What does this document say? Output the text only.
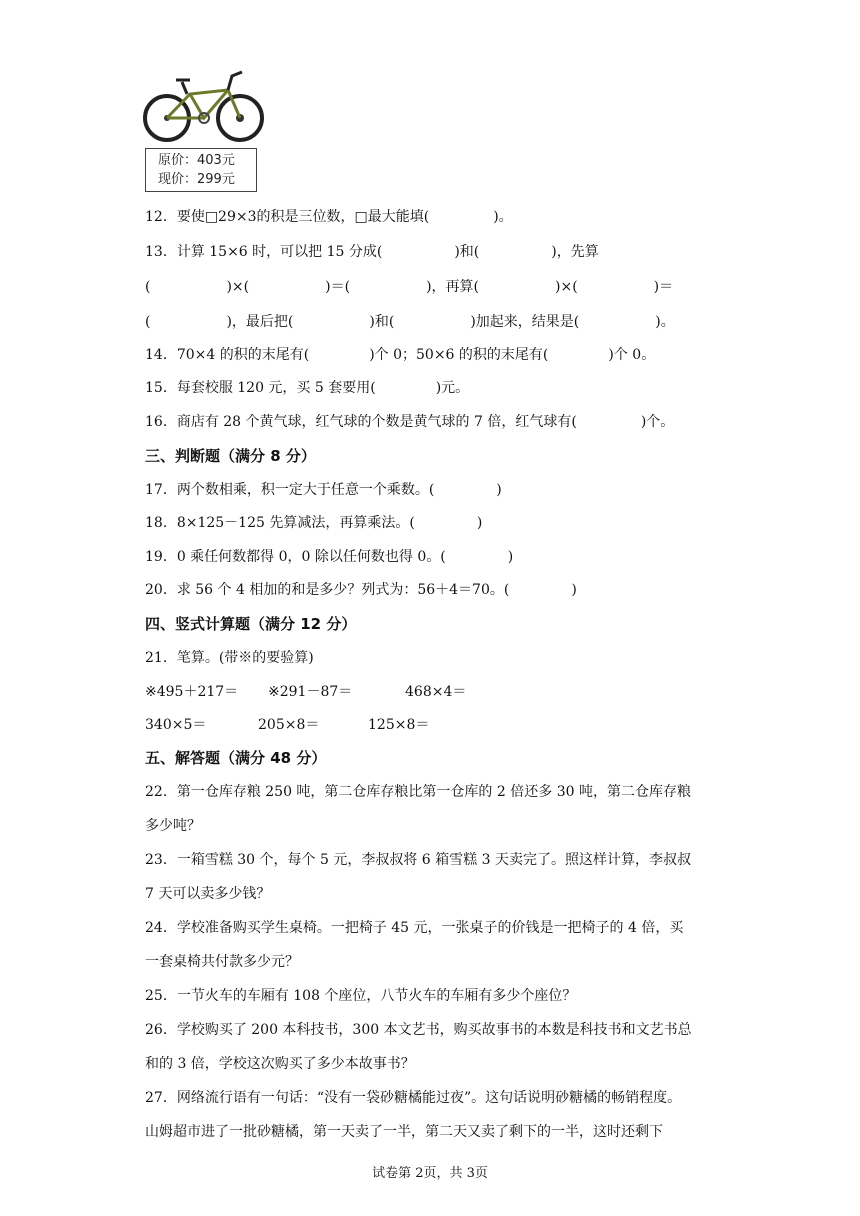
原价：403元
现价：299元
12．要使□29×3的积是三位数，□最大能填(	)。
13．计算 15×6 时，可以把 15 分成(	)和(	)，先算
(	)×(	)＝(	)，再算(	)×(	)＝
(	)，最后把(	)和(	)加起来，结果是(	)。
14．70×4 的积的末尾有(	)个 0；50×6 的积的末尾有(	)个 0。
15．每套校服 120 元，买 5 套要用(	)元。
16．商店有 28 个黄气球，红气球的个数是黄气球的 7 倍，红气球有(	)个。
三、判断题（满分 8 分）
17．两个数相乘，积一定大于任意一个乘数。(	)
18．8×125－125 先算减法，再算乘法。(	)
19．0 乘任何数都得 0，0 除以任何数也得 0。(	)
20．求 56 个 4 相加的和是多少？列式为：56＋4＝70。(	)
四、竖式计算题（满分 12 分）
21．笔算。(带※的要验算)
※495＋217＝ ※291－87＝	468×4＝
340×5＝	205×8＝	125×8＝
五、解答题（满分 48 分）
22．第一仓库存粮 250 吨，第二仓库存粮比第一仓库的 2 倍还多 30 吨，第二仓库存粮
多少吨？
23．一箱雪糕 30 个，每个 5 元，李叔叔将 6 箱雪糕 3 天卖完了。照这样计算，李叔叔
7 天可以卖多少钱？
24．学校准备购买学生桌椅。一把椅子 45 元，一张桌子的价钱是一把椅子的 4 倍，买
一套桌椅共付款多少元？
25．一节火车的车厢有 108 个座位，八节火车的车厢有多少个座位？
26．学校购买了 200 本科技书，300 本文艺书，购买故事书的本数是科技书和文艺书总
和的 3 倍，学校这次购买了多少本故事书？
27．网络流行语有一句话：“没有一袋砂糖橘能过夜”。这句话说明砂糖橘的畅销程度。
山姆超市进了一批砂糖橘，第一天卖了一半，第二天又卖了剩下的一半，这时还剩下
试卷第 2页，共 3页
